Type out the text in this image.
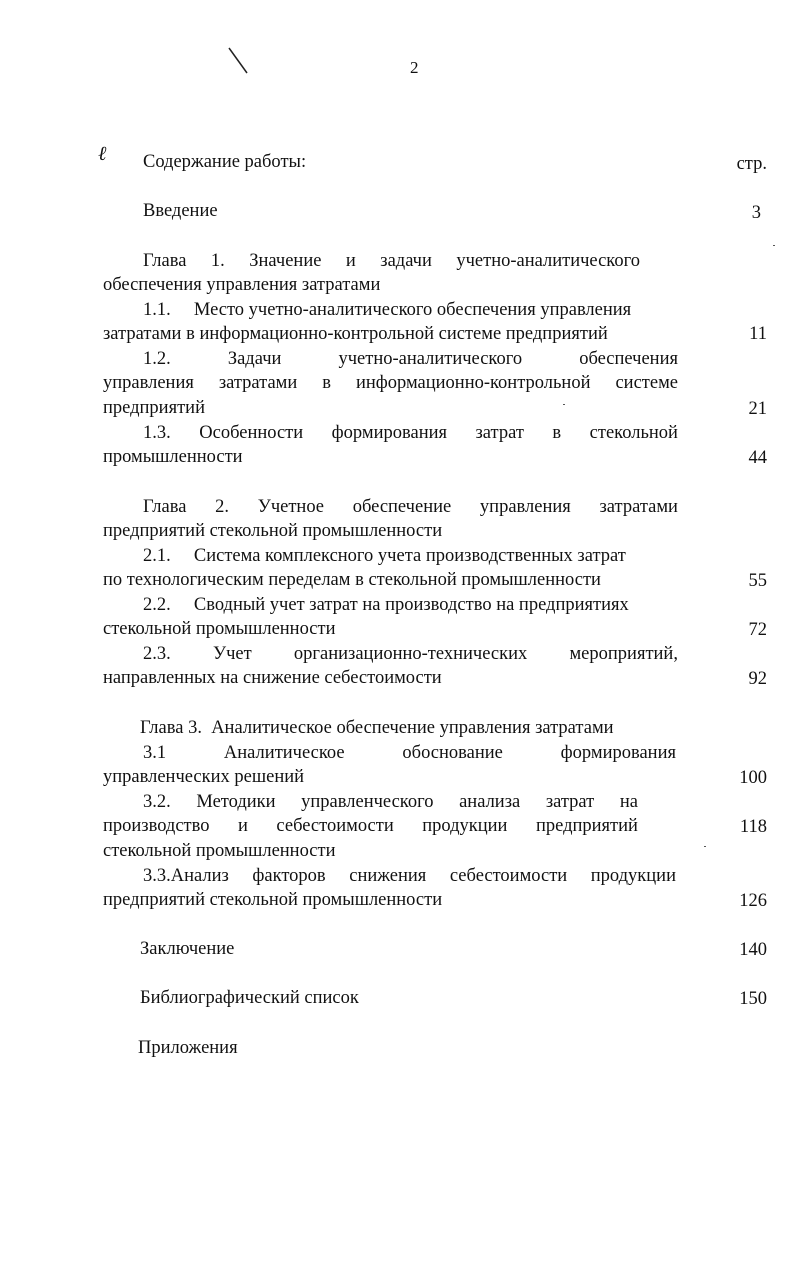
2
ℓ Содержание работы:	стр.
Введение	3
Глава 1. Значение и задачи учетно-аналитического
обеспечения управления затратами
1.1.     Место учетно-аналитического обеспечения управления
затратами в информационно-контрольной системе предприятий	11
1.2.	Задачи	учетно-аналитического	обеспечения
управления затратами в информационно-контрольной системе
предприятий	21
1.3. Особенности формирования затрат в стекольной
промышленности	44
Глава 2. Учетное обеспечение управления затратами
предприятий стекольной промышленности
2.1.     Система комплексного учета производственных затрат
по технологическим переделам в стекольной промышленности	55
2.2.     Сводный учет затрат на производство на предприятиях
стекольной промышленности	72
2.3. Учет организационно-технических мероприятий,
направленных на снижение себестоимости	92
Глава 3.  Аналитическое обеспечение управления затратами
3.1	Аналитическое	обоснование	формирования
управленческих решений	100
3.2. Методики управленческого анализа затрат на
производство и себестоимости продукции предприятий	118
стекольной промышленности
3.3.Анализ факторов снижения себестоимости продукции
предприятий стекольной промышленности	126
Заключение	140
Библиографический список	150
Приложения
